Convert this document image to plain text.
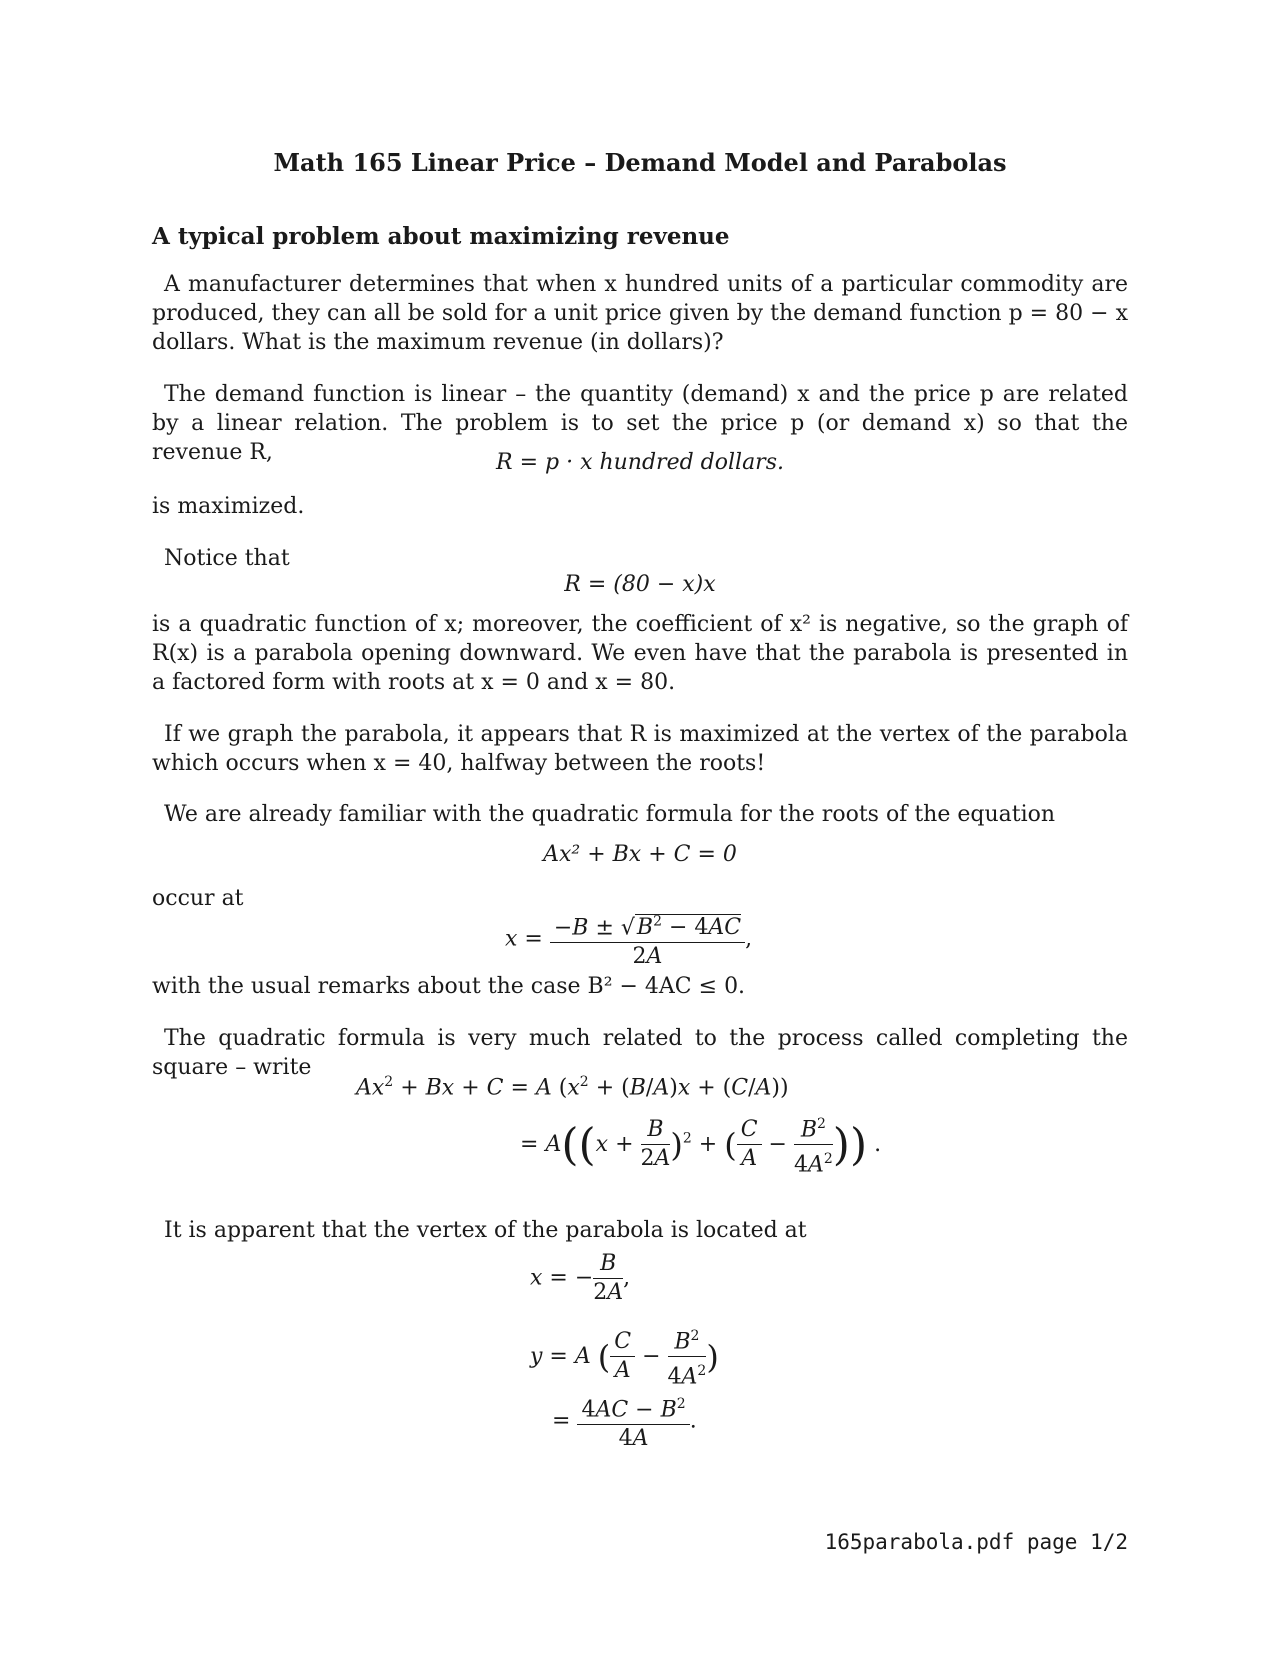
Math 165 Linear Price – Demand Model and Parabolas
A typical problem about maximizing revenue
A manufacturer determines that when x hundred units of a particular commodity are produced, they can all be sold for a unit price given by the demand function p = 80 − x dollars. What is the maximum revenue (in dollars)?
The demand function is linear – the quantity (demand) x and the price p are related by a linear relation. The problem is to set the price p (or demand x) so that the revenue R,	R = p · x hundred dollars.
is maximized.
Notice that
R = (80 − x)x
is a quadratic function of x; moreover, the coefficient of x² is negative, so the graph of R(x) is a parabola opening downward. We even have that the parabola is presented in a factored form with roots at x = 0 and x = 80.
If we graph the parabola, it appears that R is maximized at the vertex of the parabola which occurs when x = 40, halfway between the roots!
We are already familiar with the quadratic formula for the roots of the equation
Ax² + Bx + C = 0
occur at
$x = \frac{-B \pm √B^2 - 4AC}{2A}$ ,
with the usual remarks about the case B² − 4AC ≤ 0.
The quadratic formula is very much related to the process called completing the square – write
$Ax^2 + Bx + C = A$ $(x^2 + (B/A)x + (C/A))$
= $A((x + \frac{B}{2A} )^2$ + ( $\frac{C}{A} - \frac{B^2}{4A^2}$ )) .
It is apparent that the vertex of the parabola is located at
x = − $\frac{B}{2A}$ ,
y = A ( $\frac{C}{A} - \frac{B^2}{4A^2}$ )
= $\frac{4AC - B^2}{4A}$ .
165parabola.pdf page 1/2
